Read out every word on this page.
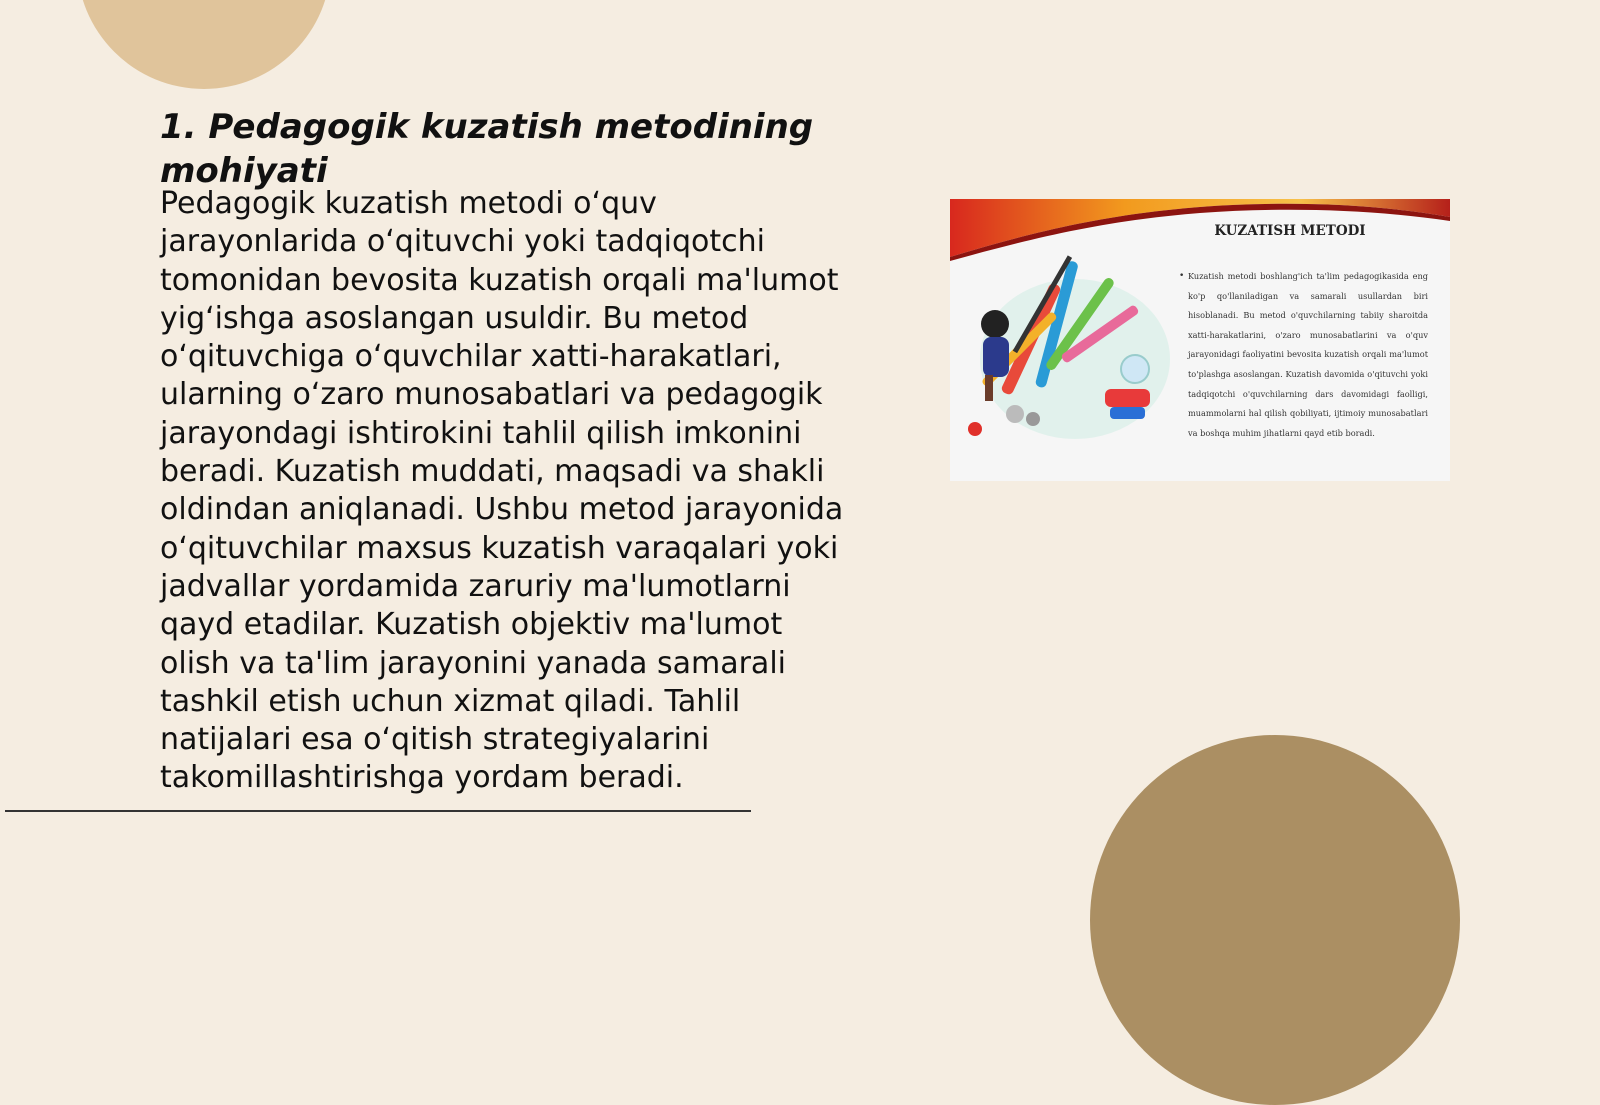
1. Pedagogik kuzatish metodining mohiyati

Pedagogik kuzatish metodi o‘quv jarayonlarida o‘qituvchi yoki tadqiqotchi tomonidan bevosita kuzatish orqali ma'lumot yig‘ishga asoslangan usuldir. Bu metod o‘qituvchiga o‘quvchilar xatti-harakatlari, ularning o‘zaro munosabatlari va pedagogik jarayondagi ishtirokini tahlil qilish imkonini beradi. Kuzatish muddati, maqsadi va shakli oldindan aniqlanadi. Ushbu metod jarayonida o‘qituvchilar maxsus kuzatish varaqalari yoki jadvallar yordamida zaruriy ma'lumotlarni qayd etadilar. Kuzatish objektiv ma'lumot olish va ta'lim jarayonini yanada samarali tashkil etish uchun xizmat qiladi. Tahlil natijalari esa o‘qitish strategiyalarini takomillashtirishga yordam beradi.

KUZATISH METODI
• Kuzatish metodi boshlang'ich ta'lim pedagogikasida eng ko'p qo'llaniladigan va samarali usullardan biri hisoblanadi. Bu metod o'quvchilarning tabiiy sharoitda xatti-harakatlarini, o'zaro munosabatlarini va o'quv jarayonidagi faoliyatini bevosita kuzatish orqali ma'lumot to'plashga asoslangan. Kuzatish davomida o'qituvchi yoki tadqiqotchi o'quvchilarning dars davomidagi faolligi, muammolarni hal qilish qobiliyati, ijtimoiy munosabatlari va boshqa muhim jihatlarni qayd etib boradi.
